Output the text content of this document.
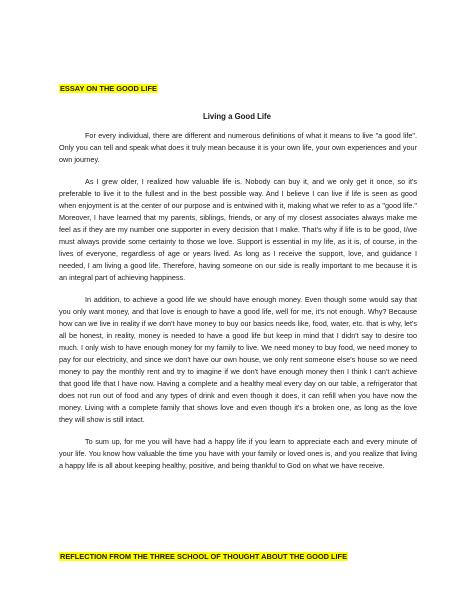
ESSAY ON THE GOOD LIFE
Living a Good Life

For every individual, there are different and numerous definitions of what it means to live "a good life". Only you can tell and speak what does it truly mean because it is your own life, your own experiences and your own journey.

As I grew older, I realized how valuable life is. Nobody can buy it, and we only get it once, so it's preferable to live it to the fullest and in the best possible way. And I believe I can live if life is seen as good when enjoyment is at the center of our purpose and is entwined with it, making what we refer to as a "good life." Moreover, I have learned that my parents, siblings, friends, or any of my closest associates always make me feel as if they are my number one supporter in every decision that I make. That's why if life is to be good, I/we must always provide some certainty to those we love. Support is essential in my life, as it is, of course, in the lives of everyone, regardless of age or years lived. As long as I receive the support, love, and guidance I needed, I am living a good life. Therefore, having someone on our side is really important to me because it is an integral part of achieving happiness.

In addition, to achieve a good life we should have enough money. Even though some would say that you only want money, and that love is enough to have a good life, well for me, it's not enough. Why? Because how can we live in reality if we don't have money to buy our basics needs like, food, water, etc. that is why, let's all be honest, in reality, money is needed to have a good life but keep in mind that I didn't say to desire too much. I only wish to have enough money for my family to live. We need money to buy food, we need money to pay for our electricity, and since we don't have our own house, we only rent someone else's house so we need money to pay the monthly rent and try to imagine if we don't have enough money then I think I can't achieve that good life that I have now. Having a complete and a healthy meal every day on our table, a refrigerator that does not run out of food and any types of drink and even though it does, it can refill when you have now the money. Living with a complete family that shows love and even though it's a broken one, as long as the love they will show is still intact.

To sum up, for me you will have had a happy life if you learn to appreciate each and every minute of your life. You know how valuable the time you have with your family or loved ones is, and you realize that living a happy life is all about keeping healthy, positive, and being thankful to God on what we have receive.

REFLECTION FROM THE THREE SCHOOL OF THOUGHT ABOUT THE GOOD LIFE
